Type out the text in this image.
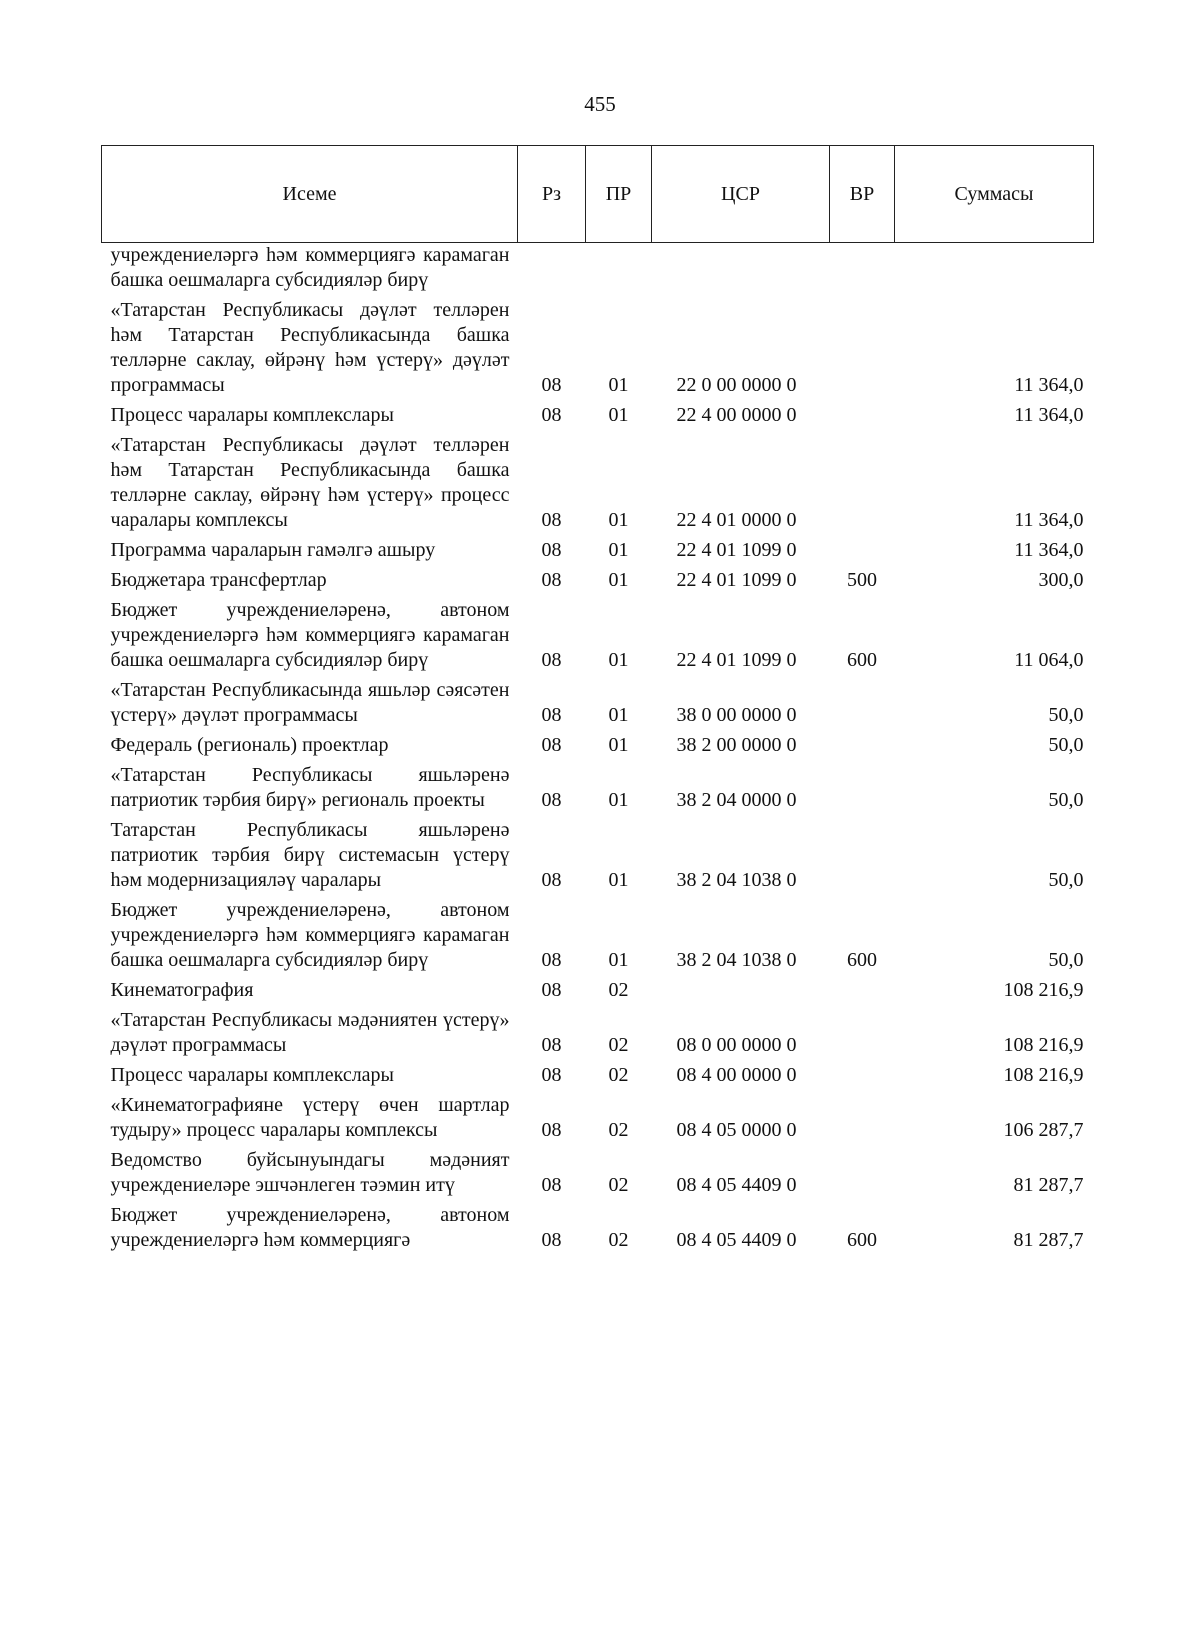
455
Исеме	Рз	ПР	ЦСР	ВР	Суммасы
учреждениеләргә һәм коммерциягә карамаган башка оешмаларга субсидияләр бирү					
«Татарстан Республикасы дәүләт телләрен һәм Татарстан Республикасында башка телләрне саклау, өйрәнү һәм үстерү» дәүләт программасы	08	01	22 0 00 0000 0		11 364,0
Процесс чаралары комплекслары	08	01	22 4 00 0000 0		11 364,0
«Татарстан Республикасы дәүләт телләрен һәм Татарстан Республикасында башка телләрне саклау, өйрәнү һәм үстерү» процесс чаралары комплексы	08	01	22 4 01 0000 0		11 364,0
Программа чараларын гамәлгә ашыру	08	01	22 4 01 1099 0		11 364,0
Бюджетара трансфертлар	08	01	22 4 01 1099 0	500	300,0
Бюджет учреждениеләренә, автоном учреждениеләргә һәм коммерциягә карамаган башка оешмаларга субсидияләр бирү	08	01	22 4 01 1099 0	600	11 064,0
«Татарстан Республикасында яшьләр сәясәтен үстерү» дәүләт программасы	08	01	38 0 00 0000 0		50,0
Федераль (региональ) проектлар	08	01	38 2 00 0000 0		50,0
«Татарстан Республикасы яшьләренә патриотик тәрбия бирү» региональ проекты	08	01	38 2 04 0000 0		50,0
Татарстан Республикасы яшьләренә патриотик тәрбия бирү системасын үстерү һәм модернизацияләү чаралары	08	01	38 2 04 1038 0		50,0
Бюджет учреждениеләренә, автоном учреждениеләргә һәм коммерциягә карамаган башка оешмаларга субсидияләр бирү	08	01	38 2 04 1038 0	600	50,0
Кинематография	08	02			108 216,9
«Татарстан Республикасы мәдәниятен үстерү» дәүләт программасы	08	02	08 0 00 0000 0		108 216,9
Процесс чаралары комплекслары	08	02	08 4 00 0000 0		108 216,9
«Кинематографияне үстерү өчен шартлар тудыру» процесс чаралары комплексы	08	02	08 4 05 0000 0		106 287,7
Ведомство буйсынуындагы мәдәният учреждениеләре эшчәнлеген тәэмин итү	08	02	08 4 05 4409 0		81 287,7
Бюджет учреждениеләренә, автоном учреждениеләргә һәм коммерциягә	08	02	08 4 05 4409 0	600	81 287,7
